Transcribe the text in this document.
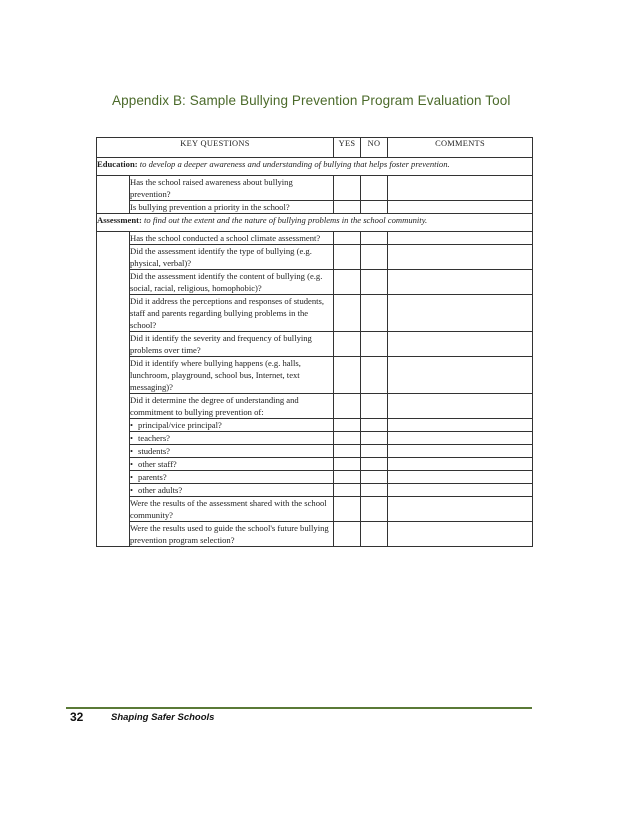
Appendix B: Sample Bullying Prevention Program Evaluation Tool
KEY QUESTIONS		YES	NO	COMMENTS
Education: to develop a deeper awareness and understanding of bullying that helps foster prevention.				
	Has the school raised awareness about bullying prevention?			
	Is bullying prevention a priority in the school?			
Assessment: to find out the extent and the nature of bullying problems in the school community.				
	Has the school conducted a school climate assessment?			
	Did the assessment identify the type of bullying (e.g. physical, verbal)?			
	Did the assessment identify the content of bullying (e.g. social, racial, religious, homophobic)?			
	Did it address the perceptions and responses of students, staff and parents regarding bullying problems in the school?			
	Did it identify the severity and frequency of bullying problems over time?			
	Did it identify where bullying happens (e.g. halls, lunchroom, playground, school bus, Internet, text messaging)?			
	Did it determine the degree of understanding and commitment to bullying prevention of:			
	• principal/vice principal?			
	• teachers?			
	• students?			
	• other staff?			
	• parents?			
	• other adults?			
	Were the results of the assessment shared with the school community?			
	Were the results used to guide the school's future bullying prevention program selection?			
32	Shaping Safer Schools
